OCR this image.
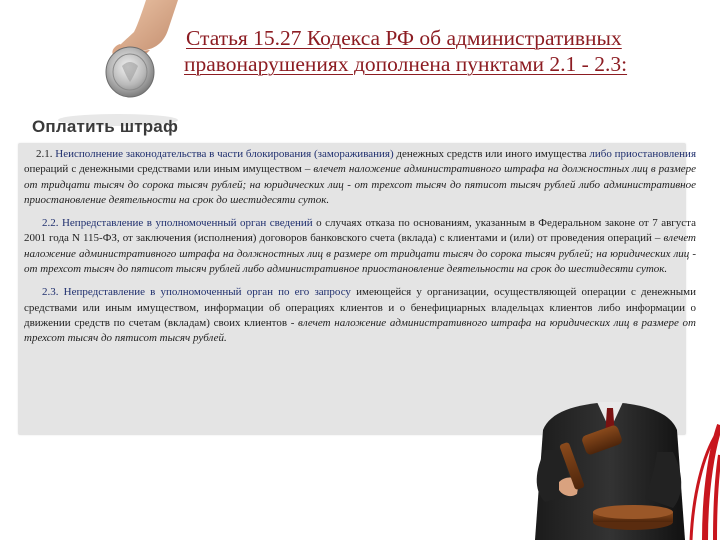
Оплатить штраф
Статья 15.27 Кодекса РФ об административных
правонарушениях дополнена пунктами 2.1 - 2.3:

2.1. Неисполнение законодательства в части блокирования (замораживания) денежных средств или иного имущества либо приостановления операций с денежными средствами или иным имуществом – влечет наложение административного штрафа на должностных лиц в размере от тридцати тысяч до сорока тысяч рублей; на юридических лиц - от трехсот тысяч до пятисот тысяч рублей либо административное приостановление деятельности на срок до шестидесяти суток.

2.2. Непредставление в уполномоченный орган сведений о случаях отказа по основаниям, указанным в Федеральном законе от 7 августа 2001 года N 115-ФЗ, от заключения (исполнения) договоров банковского счета (вклада) с клиентами и (или) от проведения операций – влечет наложение административного штрафа на должностных лиц в размере от тридцати тысяч до сорока тысяч рублей; на юридических лиц - от трехсот тысяч до пятисот тысяч рублей либо административное приостановление деятельности на срок до шестидесяти суток.

2.3. Непредставление в уполномоченный орган по его запросу имеющейся у организации, осуществляющей операции с денежными средствами или иным имуществом, информации об операциях клиентов и о бенефициарных владельцах клиентов либо информации о движении средств по счетам (вкладам) своих клиентов - влечет наложение административного штрафа на юридических лиц в размере от трехсот тысяч до пятисот тысяч рублей.
